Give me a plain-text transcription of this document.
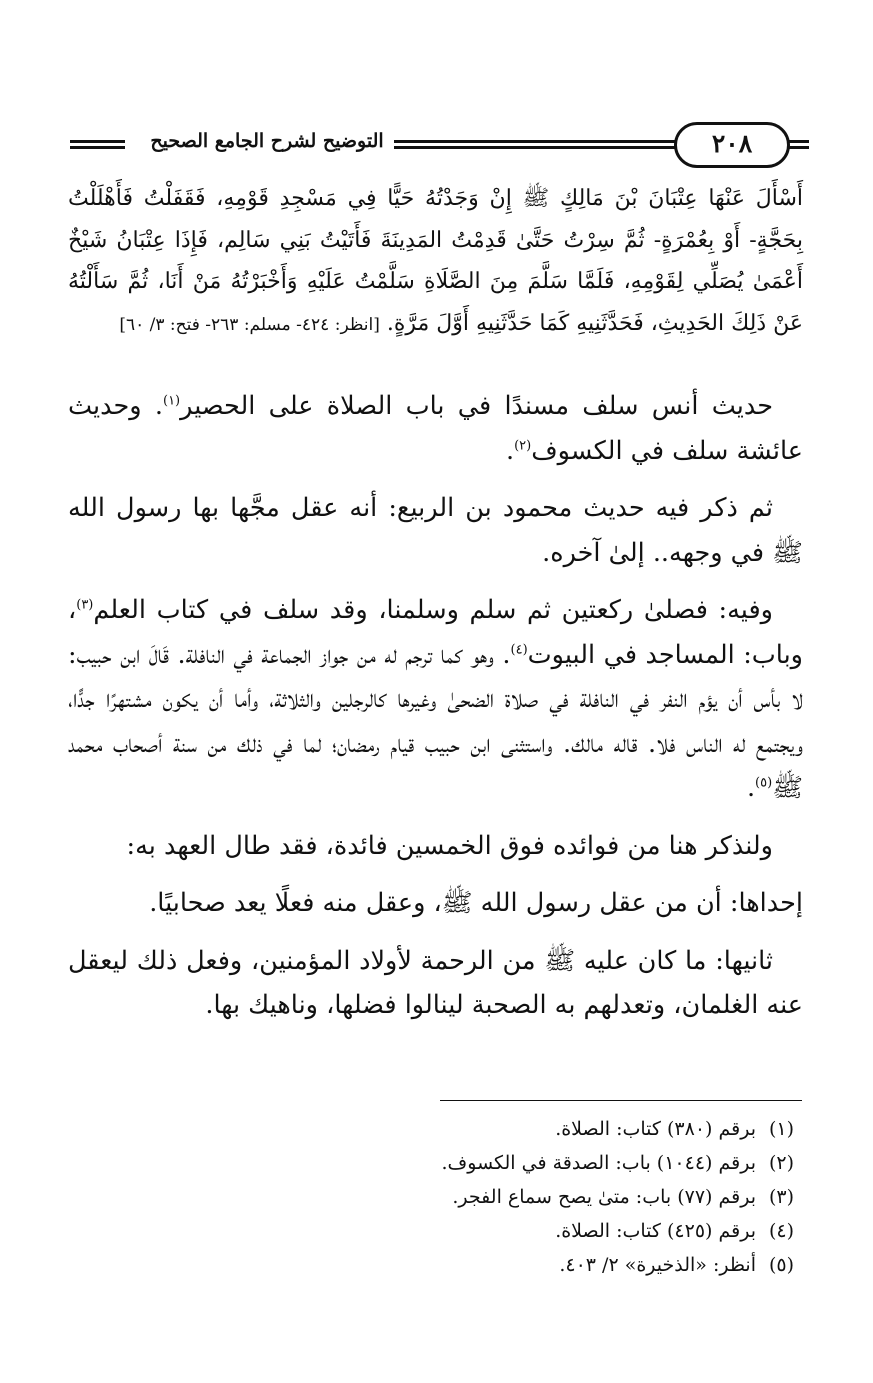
التوضيح لشرح الجامع الصحيح	٢٠٨
أَسْأَلَ عَنْهَا عِتْبَانَ بْنَ مَالِكٍ ﷺ إِنْ وَجَدْتُهُ حَيًّا فِي مَسْجِدِ قَوْمِهِ، فَقَفَلْتُ فَأَهْلَلْتُ بِحَجَّةٍ- أَوْ بِعُمْرَةٍ- ثُمَّ سِرْتُ حَتَّىٰ قَدِمْتُ المَدِينَةَ فَأَتَيْتُ بَنِي سَالِم، فَإِذَا عِتْبَانُ شَيْخٌ أَعْمَىٰ يُصَلِّي لِقَوْمِهِ، فَلَمَّا سَلَّمَ مِنَ الصَّلَاةِ سَلَّمْتُ عَلَيْهِ وَأَخْبَرْتُهُ مَنْ أَنَا، ثُمَّ سَأَلْتُهُ عَنْ ذَلِكَ الحَدِيثِ، فَحَدَّثَنِيهِ كَمَا حَدَّثَنِيهِ أَوَّلَ مَرَّةٍ. [انظر: ٤٢٤- مسلم: ٢٦٣- فتح: ٣/ ٦٠]

حديث أنس سلف مسندًا في باب الصلاة على الحصير$^{(١)}$. وحديث عائشة سلف في الكسوف$^{(٢)}$.

ثم ذكر فيه حديث محمود بن الربيع: أنه عقل مجَّها بها رسول الله ﷺ في وجهه.. إلىٰ آخره.

وفيه: فصلىٰ ركعتين ثم سلم وسلمنا، وقد سلف في كتاب العلم$^{(٣)}$، وباب: المساجد في البيوت$^{(٤)}$. وهو كما ترجم له من جواز الجماعة في النافلة. قَالَ ابن حبيب: لا بأس أن يؤم النفر في النافلة في صلاة الضحىٰ وغيرها كالرجلين والثلاثة، وأما أن يكون مشتهرًا جدًّا، ويجتمع له الناس فلا. قاله مالك. واستثنى ابن حبيب قيام رمضان؛ لما في ذلك من سنة أصحاب محمد ﷺ$^{(٥)}$.

ولنذكر هنا من فوائده فوق الخمسين فائدة، فقد طال العهد به:

إحداها: أن من عقل رسول الله ﷺ، وعقل منه فعلًا يعد صحابيًا.

ثانيها: ما كان عليه ﷺ من الرحمة لأولاد المؤمنين، وفعل ذلك ليعقل عنه الغلمان، وتعدلهم به الصحبة لينالوا فضلها، وناهيك بها.

(١)برقم (٣٨٠) كتاب: الصلاة.
(٢)برقم (١٠٤٤) باب: الصدقة في الكسوف.
(٣)برقم (٧٧) باب: متىٰ يصح سماع الفجر.
(٤)برقم (٤٢٥) كتاب: الصلاة.
(٥)أنظر: «الذخيرة» ٢/ ٤٠٣.
